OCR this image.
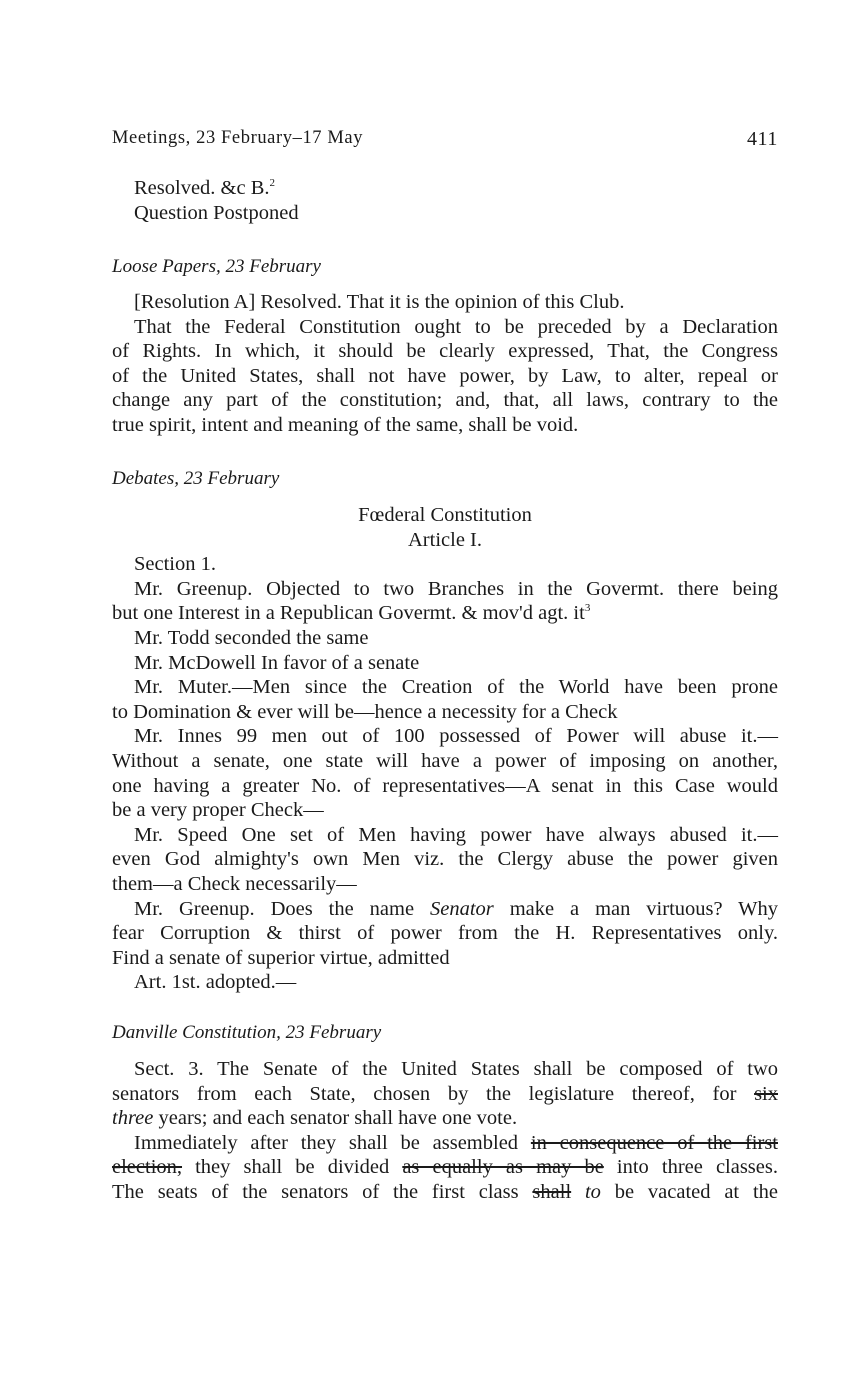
Meetings, 23 February–17 May	411
Resolved. &c B.$^2$
Question Postponed
Loose Papers, 23 February
[Resolution A] Resolved. That it is the opinion of this Club.
That the Federal Constitution ought to be preceded by a Declaration
of Rights. In which, it should be clearly expressed, That, the Congress
of the United States, shall not have power, by Law, to alter, repeal or
change any part of the constitution; and, that, all laws, contrary to the
true spirit, intent and meaning of the same, shall be void.
Debates, 23 February
Fœderal Constitution
Article I.
Section 1.
Mr. Greenup. Objected to two Branches in the Govermt. there being
but one Interest in a Republican Govermt. & mov'd agt. $it^3$
Mr. Todd seconded the same
Mr. McDowell In favor of a senate
Mr. Muter.—Men since the Creation of the World have been prone
to Domination & ever will be—hence a necessity for a Check
Mr. Innes 99 men out of 100 possessed of Power will abuse it.—
Without a senate, one state will have a power of imposing on another,
one having a greater No. of representatives—A senat in this Case would
be a very proper Check—
Mr. Speed One set of Men having power have always abused it.—
even God almighty's own Men viz. the Clergy abuse the power given
them—a Check necessarily—
Mr. Greenup. Does the name Senator make a man virtuous? Why
fear Corruption & thirst of power from the H. Representatives only.
Find a senate of superior virtue, admitted
Art. 1st. adopted.—
Danville Constitution, 23 February
Sect. 3. The Senate of the United States shall be composed of two
senators from each State, chosen by the legislature thereof, for six
three years; and each senator shall have one vote.
Immediately after they shall be assembled in consequence of the first
election, they shall be divided as equally as may be into three classes.
The seats of the senators of the first class shall to be vacated at the
